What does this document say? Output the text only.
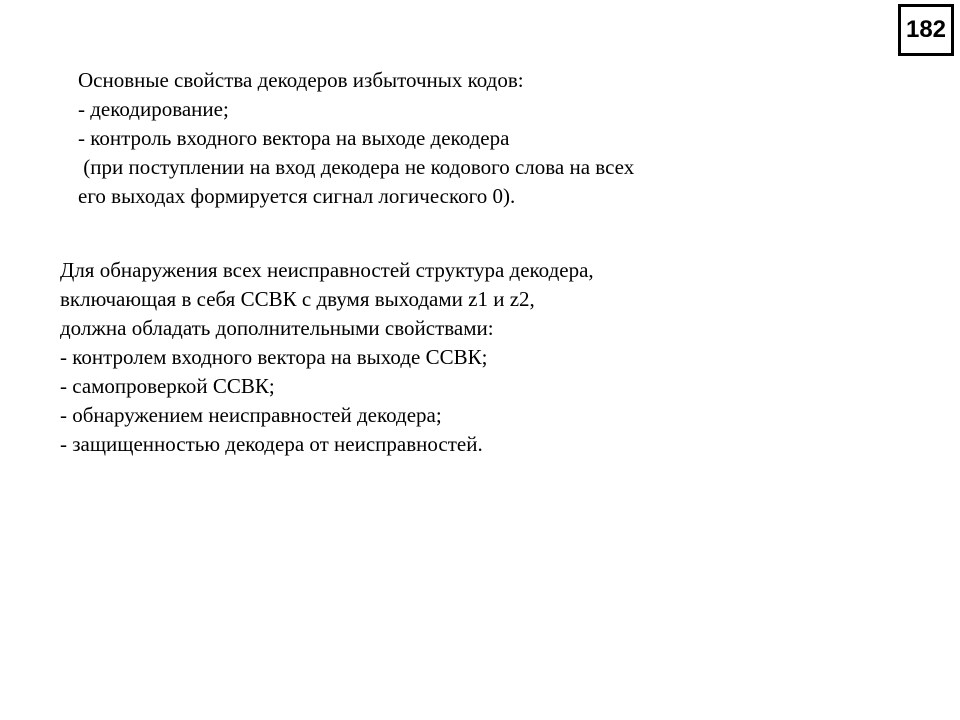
182
Основные свойства декодеров избыточных кодов:
- декодирование;
- контроль входного вектора на выходе декодера
(при поступлении на вход декодера не кодового слова на всех
его выходах формируется сигнал логического 0).
Для обнаружения всех неисправностей структура декодера,
включающая в себя ССВК с двумя выходами z1 и z2,
должна обладать дополнительными свойствами:
- контролем входного вектора на выходе ССВК;
- самопроверкой ССВК;
- обнаружением неисправностей декодера;
- защищенностью декодера от неисправностей.
